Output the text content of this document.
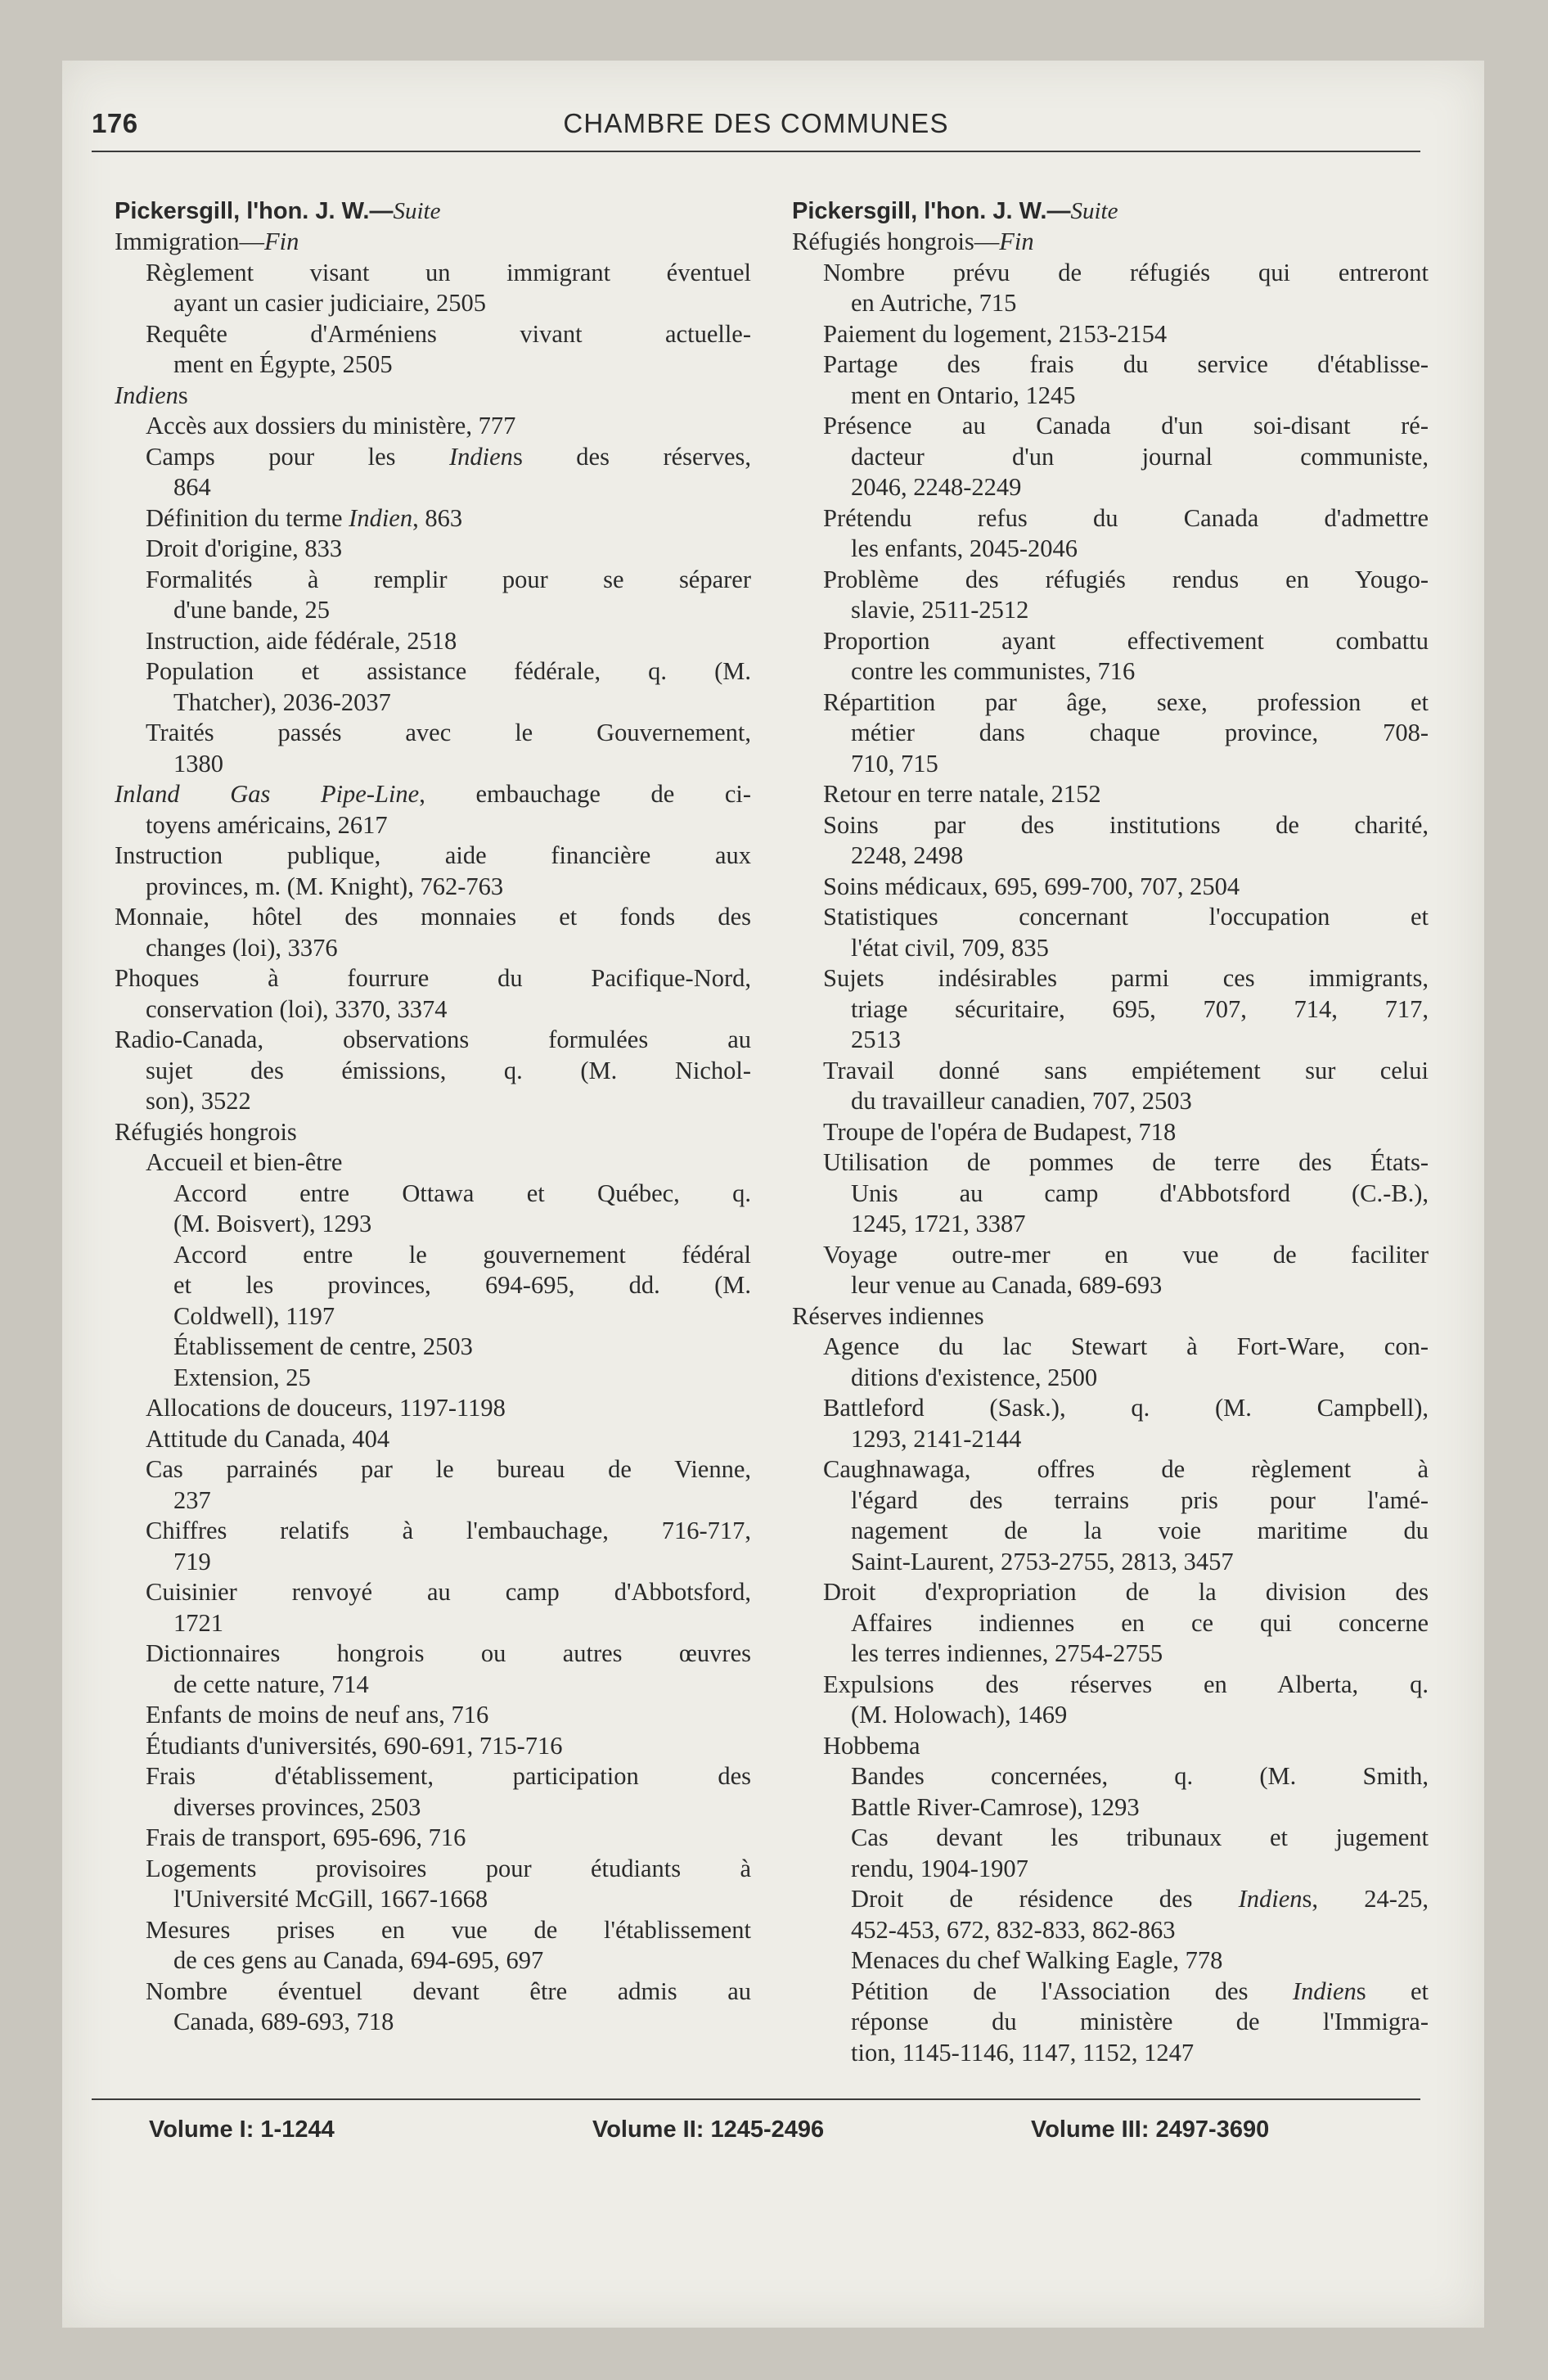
176	CHAMBRE DES COMMUNES
Pickersgill, l'hon. J. W.—Suite
Immigration—Fin
Règlement visant un immigrant éventuel
ayant un casier judiciaire, 2505
Requête d'Arméniens vivant actuelle-
ment en Égypte, 2505
Indiens
Accès aux dossiers du ministère, 777
Camps pour les Indiens des réserves,
864
Définition du terme Indien, 863
Droit d'origine, 833
Formalités à remplir pour se séparer
d'une bande, 25
Instruction, aide fédérale, 2518
Population et assistance fédérale, q. (M.
Thatcher), 2036-2037
Traités passés avec le Gouvernement,
1380
Inland Gas Pipe-Line, embauchage de ci-
toyens américains, 2617
Instruction publique, aide financière aux
provinces, m. (M. Knight), 762-763
Monnaie, hôtel des monnaies et fonds des
changes (loi), 3376
Phoques à fourrure du Pacifique-Nord,
conservation (loi), 3370, 3374
Radio-Canada, observations formulées au
sujet des émissions, q. (M. Nichol-
son), 3522
Réfugiés hongrois
Accueil et bien-être
Accord entre Ottawa et Québec, q.
(M. Boisvert), 1293
Accord entre le gouvernement fédéral
et les provinces, 694-695, dd. (M.
Coldwell), 1197
Établissement de centre, 2503
Extension, 25
Allocations de douceurs, 1197-1198
Attitude du Canada, 404
Cas parrainés par le bureau de Vienne,
237
Chiffres relatifs à l'embauchage, 716-717,
719
Cuisinier renvoyé au camp d'Abbotsford,
1721
Dictionnaires hongrois ou autres œuvres
de cette nature, 714
Enfants de moins de neuf ans, 716
Étudiants d'universités, 690-691, 715-716
Frais d'établissement, participation des
diverses provinces, 2503
Frais de transport, 695-696, 716
Logements provisoires pour étudiants à
l'Université McGill, 1667-1668
Mesures prises en vue de l'établissement
de ces gens au Canada, 694-695, 697
Nombre éventuel devant être admis au
Canada, 689-693, 718
Pickersgill, l'hon. J. W.—Suite
Réfugiés hongrois—Fin
Nombre prévu de réfugiés qui entreront
en Autriche, 715
Paiement du logement, 2153-2154
Partage des frais du service d'établisse-
ment en Ontario, 1245
Présence au Canada d'un soi-disant ré-
dacteur d'un journal communiste,
2046, 2248-2249
Prétendu refus du Canada d'admettre
les enfants, 2045-2046
Problème des réfugiés rendus en Yougo-
slavie, 2511-2512
Proportion ayant effectivement combattu
contre les communistes, 716
Répartition par âge, sexe, profession et
métier dans chaque province, 708-
710, 715
Retour en terre natale, 2152
Soins par des institutions de charité,
2248, 2498
Soins médicaux, 695, 699-700, 707, 2504
Statistiques concernant l'occupation et
l'état civil, 709, 835
Sujets indésirables parmi ces immigrants,
triage sécuritaire, 695, 707, 714, 717,
2513
Travail donné sans empiétement sur celui
du travailleur canadien, 707, 2503
Troupe de l'opéra de Budapest, 718
Utilisation de pommes de terre des États-
Unis au camp d'Abbotsford (C.-B.),
1245, 1721, 3387
Voyage outre-mer en vue de faciliter
leur venue au Canada, 689-693
Réserves indiennes
Agence du lac Stewart à Fort-Ware, con-
ditions d'existence, 2500
Battleford (Sask.), q. (M. Campbell),
1293, 2141-2144
Caughnawaga, offres de règlement à
l'égard des terrains pris pour l'amé-
nagement de la voie maritime du
Saint-Laurent, 2753-2755, 2813, 3457
Droit d'expropriation de la division des
Affaires indiennes en ce qui concerne
les terres indiennes, 2754-2755
Expulsions des réserves en Alberta, q.
(M. Holowach), 1469
Hobbema
Bandes concernées, q. (M. Smith,
Battle River-Camrose), 1293
Cas devant les tribunaux et jugement
rendu, 1904-1907
Droit de résidence des Indiens, 24-25,
452-453, 672, 832-833, 862-863
Menaces du chef Walking Eagle, 778
Pétition de l'Association des Indiens et
réponse du ministère de l'Immigra-
tion, 1145-1146, 1147, 1152, 1247
Volume I: 1-1244	Volume II: 1245-2496	Volume III: 2497-3690
